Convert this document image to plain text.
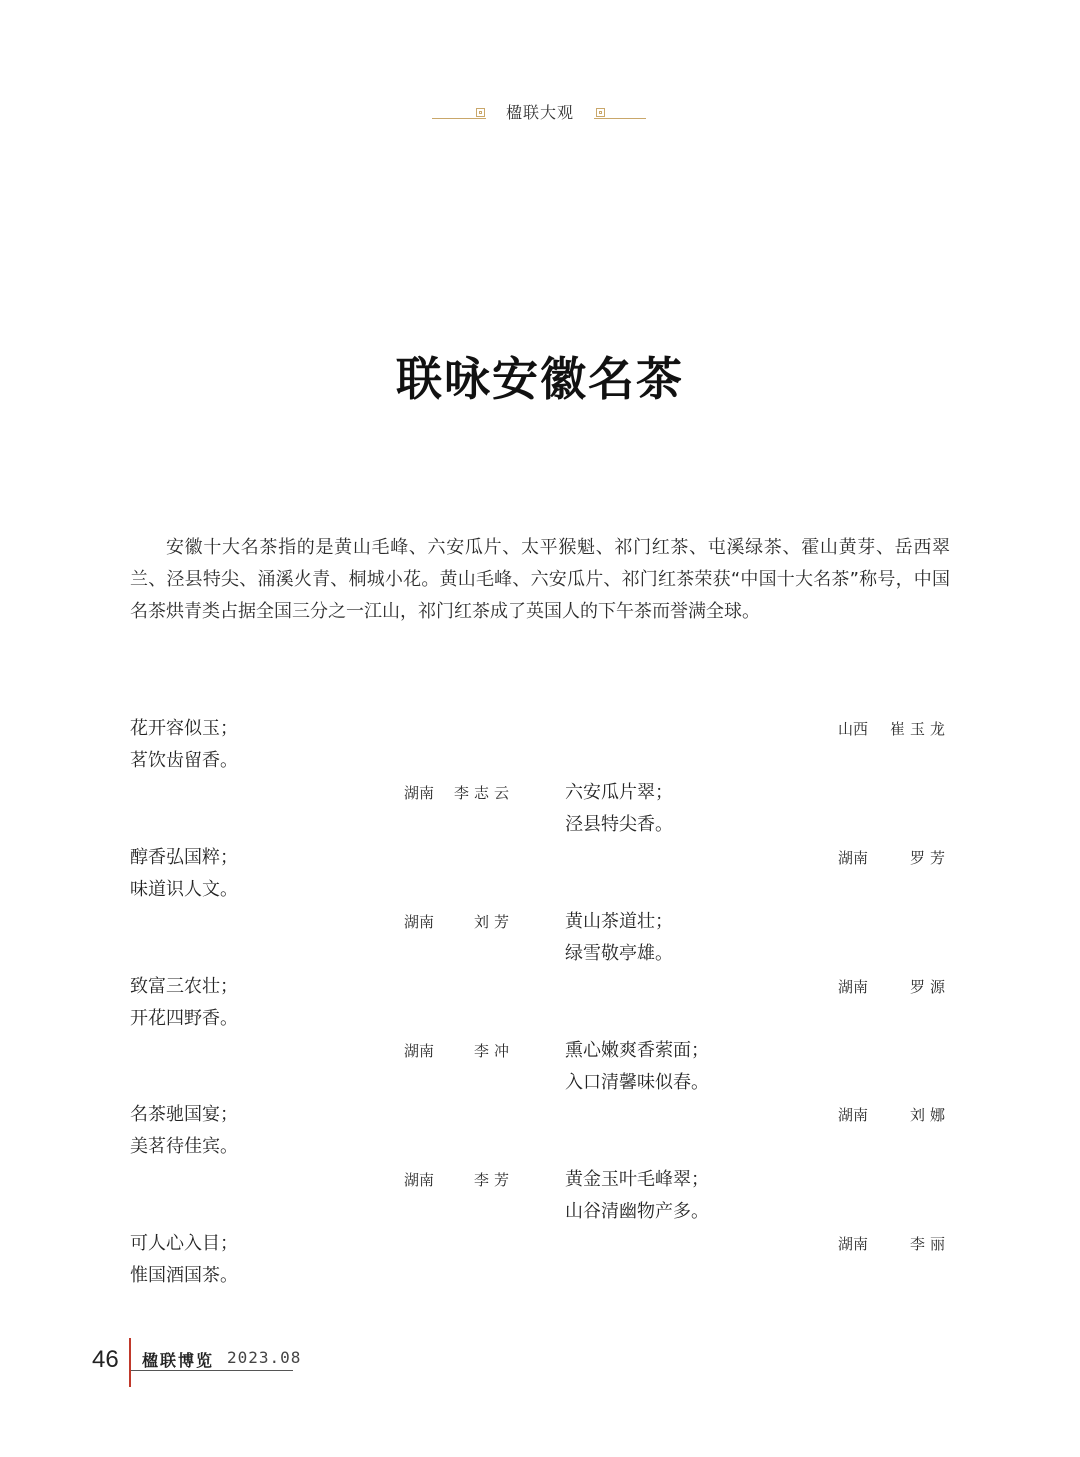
楹联大观
联咏安徽名茶

安徽十大名茶指的是黄山毛峰、六安瓜片、太平猴魁、祁门红茶、屯溪绿茶、霍山黄芽、岳西翠兰、泾县特尖、涌溪火青、桐城小花。黄山毛峰、六安瓜片、祁门红茶荣获“中国十大名茶”称号，中国名茶烘青类占据全国三分之一江山，祁门红茶成了英国人的下午茶而誉满全球。

花开容似玉；
茗饮齿留香。
山西 崔玉龙
湖南 李志云	六安瓜片翠；
泾县特尖香。
醇香弘国粹；
味道识人文。
湖南	罗芳
湖南	刘芳	黄山茶道壮；
绿雪敬亭雄。
致富三农壮；
开花四野香。
湖南	罗源
湖南	李冲	熏心嫩爽香萦面；
入口清馨味似春。
名茶驰国宴；
美茗待佳宾。
湖南	刘娜
湖南	李芳	黄金玉叶毛峰翠；
山谷清幽物产多。
可人心入目；
惟国酒国茶。
湖南	李丽
46 楹联博览 2023.08
